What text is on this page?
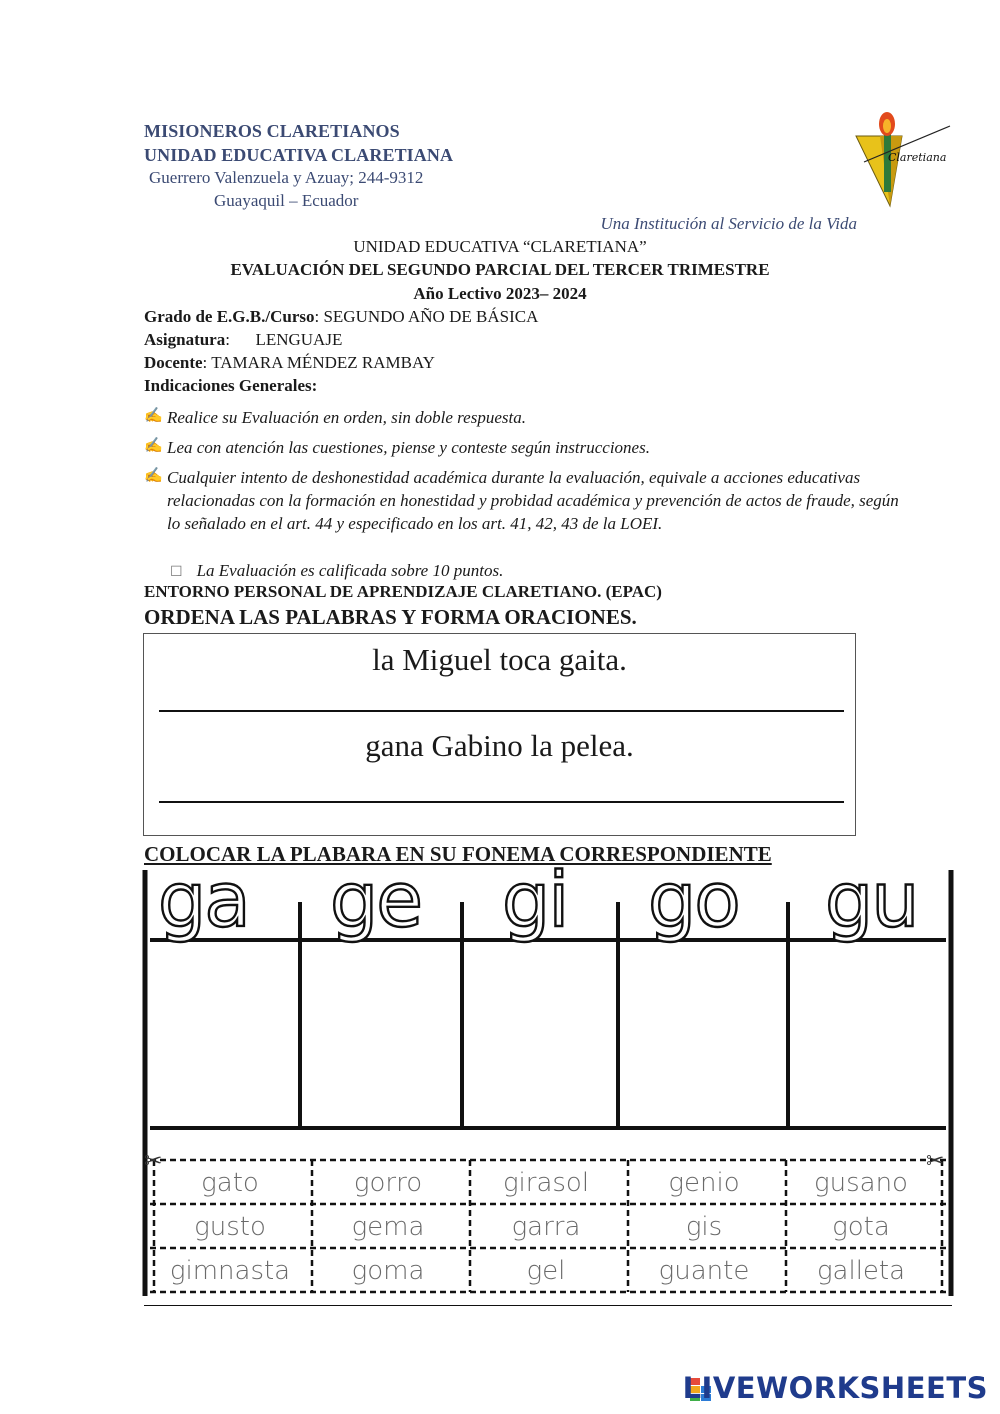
MISIONEROS CLARETIANOS
UNIDAD EDUCATIVA CLARETIANA
Guerrero Valenzuela y Azuay; 244-9312
Guayaquil – Ecuador
Una Institución al Servicio de la Vida
Claretiana
UNIDAD EDUCATIVA “CLARETIANA”
EVALUACIÓN DEL SEGUNDO PARCIAL DEL TERCER TRIMESTRE
Año Lectivo 2023– 2024
Grado de E.G.B./Curso: SEGUNDO AÑO DE BÁSICA
Asignatura:      LENGUAJE
Docente: TAMARA MÉNDEZ RAMBAY
Indicaciones Generales:
✍ Realice su Evaluación en orden, sin doble respuesta.
✍ Lea con atención las cuestiones, piense y conteste según instrucciones.
✍ Cualquier intento de deshonestidad académica durante la evaluación, equivale a acciones educativas relacionadas con la formación en honestidad y probidad académica y prevención de actos de fraude, según lo señalado en el art. 44 y especificado en los art. 41, 42, 43 de la LOEI.
☐ La Evaluación es calificada sobre 10 puntos.
ENTORNO PERSONAL DE APRENDIZAJE CLARETIANO. (EPAC)
ORDENA LAS PALABRAS Y FORMA ORACIONES.
la Miguel toca gaita.
gana Gabino la pelea.
COLOCAR LA PLABARA EN SU FONEMA CORRESPONDIENTE
✂	✂
ga ge gi go gu
gato	gorro	girasol	genio	gusano
gusto	gema	garra	gis	gota
gimnasta	goma	gel	guante	galleta
LIVEWORKSHEETS
